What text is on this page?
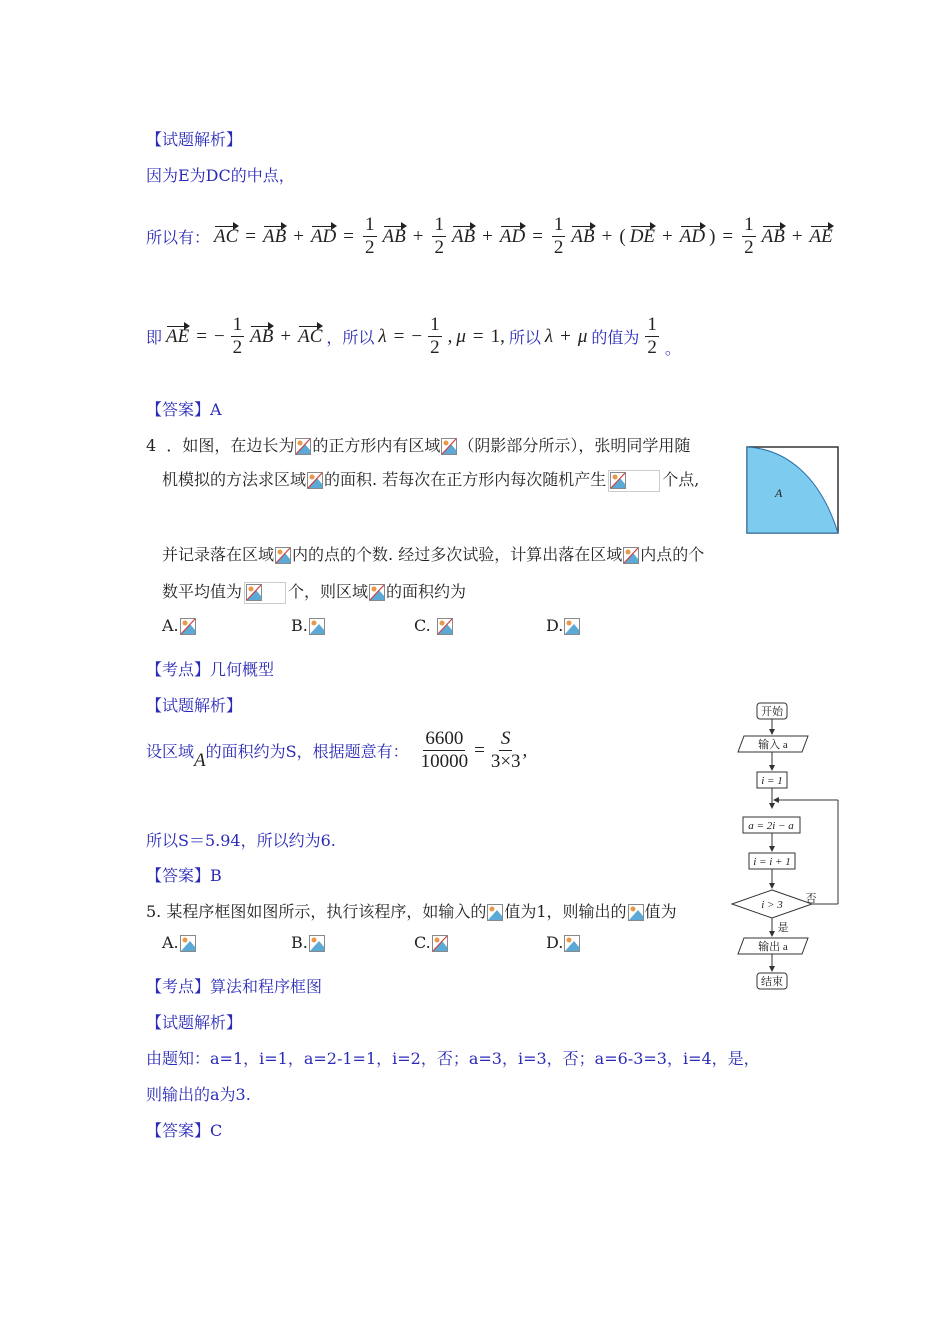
【试题解析】
因为E为DC的中点，
所以有： AC = AB + AD = $\frac{1}{2}$ AB + $\frac{1}{2}$ AB + AD = $\frac{1}{2}$ AB + ( DE + AD ) = $\frac{1}{2}$ AB + AE
即 AE = − $\frac{1}{2}$ AB + AC ，所以 λ = − $\frac{1}{2}$ , μ = 1, 所以 λ + μ 的值为 $\frac{1}{2}$ 。
【答案】A
4 ．如图，在边长为 的正方形内有区域 （阴影部分所示），张明同学用随
机模拟的方法求区域 的面积. 若每次在正方形内每次随机产生	个点,
并记录落在区域 内的点的个数. 经过多次试验，计算出落在区域 内点的个
数平均值为	个，则区域 的面积约为
A.	B.	C.	D.
A
【考点】几何概型
【试题解析】
设区域 A 的面积约为S，根据题意有： $\frac{6600}{10000} = \frac{S}{3\times 3}$ ,
所以S＝5.94，所以约为6.
【答案】B
5. 某程序框图如图所示，执行该程序，如输入的 值为1，则输出的 值为
A.	B.	C.	D.
【考点】算法和程序框图
【试题解析】
由题知：a=1，i=1，a=2-1=1，i=2，否；a=3，i=3，否；a=6-3=3，i=4，是，
则输出的a为3.
【答案】C
开始
输入 a
i = 1
a = 2i − a
i = i + 1
i > 3 否
是
输出 a
结束
